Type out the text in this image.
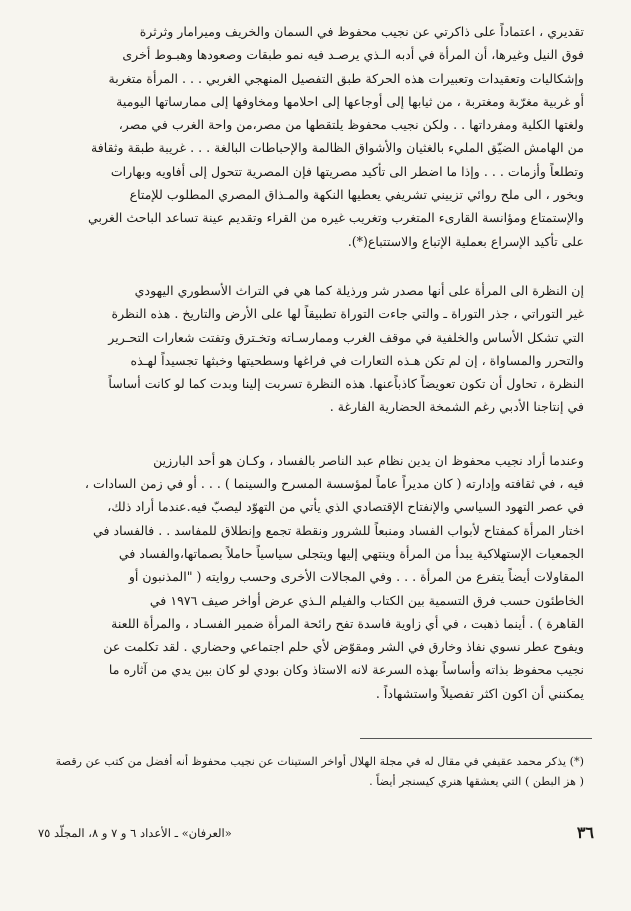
تقديري ، اعتماداً على ذاكرتي عن نجيب محفوظ في السمان والخريف وميرامار وثرثرة
فوق النيل وغيرها، أن المرأة في أدبه الـذي يرصـد فيه نمو طبقات وصعودها وهبـوط أخرى
وإشكاليات وتعقيدات وتعبيرات هذه الحركة طبق التفصيل المنهجي الغربي . . . المرأة متغربة
أو غربية مغرّبة ومغتربة ، من ثيابها إلى أوجاعها إلى احلامها ومخاوفها إلى ممارساتها اليومية
ولغتها الكلية ومفرداتها . . ولكن نجيب محفوظ يلتقطها من مصر،من واحة الغرب في مصر،
من الهامش الضيّق المليء بالغثيان والأشواق الظالمة والإحباطات البالغة . . . غريبة طبقة وثقافة
وتطلعاً وأزمات . . . وإذا ما اضطر الى تأكيد مصريتها فإن المصرية تتحول إلى أفاويه وبهارات
وبخور ، الى ملح روائي تزييني تشريفي يعطيها النكهة والمـذاق المصري المطلوب للإمتاع
والإستمتاع ومؤانسة القارىء المتغرب وتغريب غيره من القراء وتقديم عينة تساعد الباحث الغربي
على تأكيد الإسراع بعملية الإتباع والاستتباع(*).

إن النظرة الى المرأة على أنها مصدر شر ورذيلة كما هي في التراث الأسطوري اليهودي
غير التوراتي ، جذر التوراة ـ والتي جاءت التوراة تطبيقاً لها على الأرض والتاريخ . هذه النظرة
التي تشكل الأساس والخلفية في موقف الغرب وممارسـاته وتخـترق وتفتت شعارات التحـرير
والتحرر والمساواة ، إن لم تكن هـذه التعارات في فراغها وسطحيتها وخبثها تجسيداً لهـذه
النظرة ، تحاول أن تكون تعويضاً كاذباًعنها. هذه النظرة تسربت إلينا وبدت كما لو كانت أساساً
في إنتاجنا الأدبي رغم الشمخة الحضارية الفارغة .

وعندما أراد نجيب محفوظ ان يدين نظام عبد الناصر بالفساد ، وكـان هو أحد البارزين
فيه ، في ثقافته وإدارته ( كان مديراً عاماً لمؤسسة المسرح والسينما ) . . . أو في زمن السادات ،
في عصر التهود السياسي والإنفتاح الإقتصادي الذي يأتي من التهوّد ليصبّ فيه.عندما أراد ذلك،
اختار المرأة كمفتاح لأبواب الفساد ومنبعاً للشرور ونقطة تجمع وإنطلاق للمفاسد . . فالفساد في
الجمعيات الإستهلاكية يبدأ من المرأة وينتهي إليها ويتجلى سياسياً حاملاً بصماتها،والفساد في
المقاولات أيضاً يتفرع من المرأة . . . وفي المجالات الأخرى وحسب روايته ( "المذنبون أو
الخاطئون حسب فرق التسمية بين الكتاب والفيلم الـذي عرض أواخر صيف ١٩٧٦ في
القاهرة ) . أينما ذهبت ، في أي زاوية فاسدة تفح رائحة المرأة ضمير الفسـاد ، والمرأة اللعنة
ويفوح عطر نسوي نفاذ وخارق في الشر ومقوّض لأي حلم اجتماعي وحضاري . لقد تكلمت عن
نجيب محفوظ بذاته وأساساً بهذه السرعة لانه الاستاذ وكان بودي لو كان بين يدي من آثاره ما
يمكنني أن اكون اكثر تفصيلاً واستشهاداً .

(*) يذكر محمد عقيفي في مقال له في مجلة الهلال أواخر الستينات عن نجيب محفوظ أنه أفضل من كتب عن رقصة
( هز البطن ) التي يعشقها هنري كيسنجر أيضاً .
٣٦
«العرفان» ـ الأعداد ٦ و ٧ و ٨، المجلّد ٧٥
